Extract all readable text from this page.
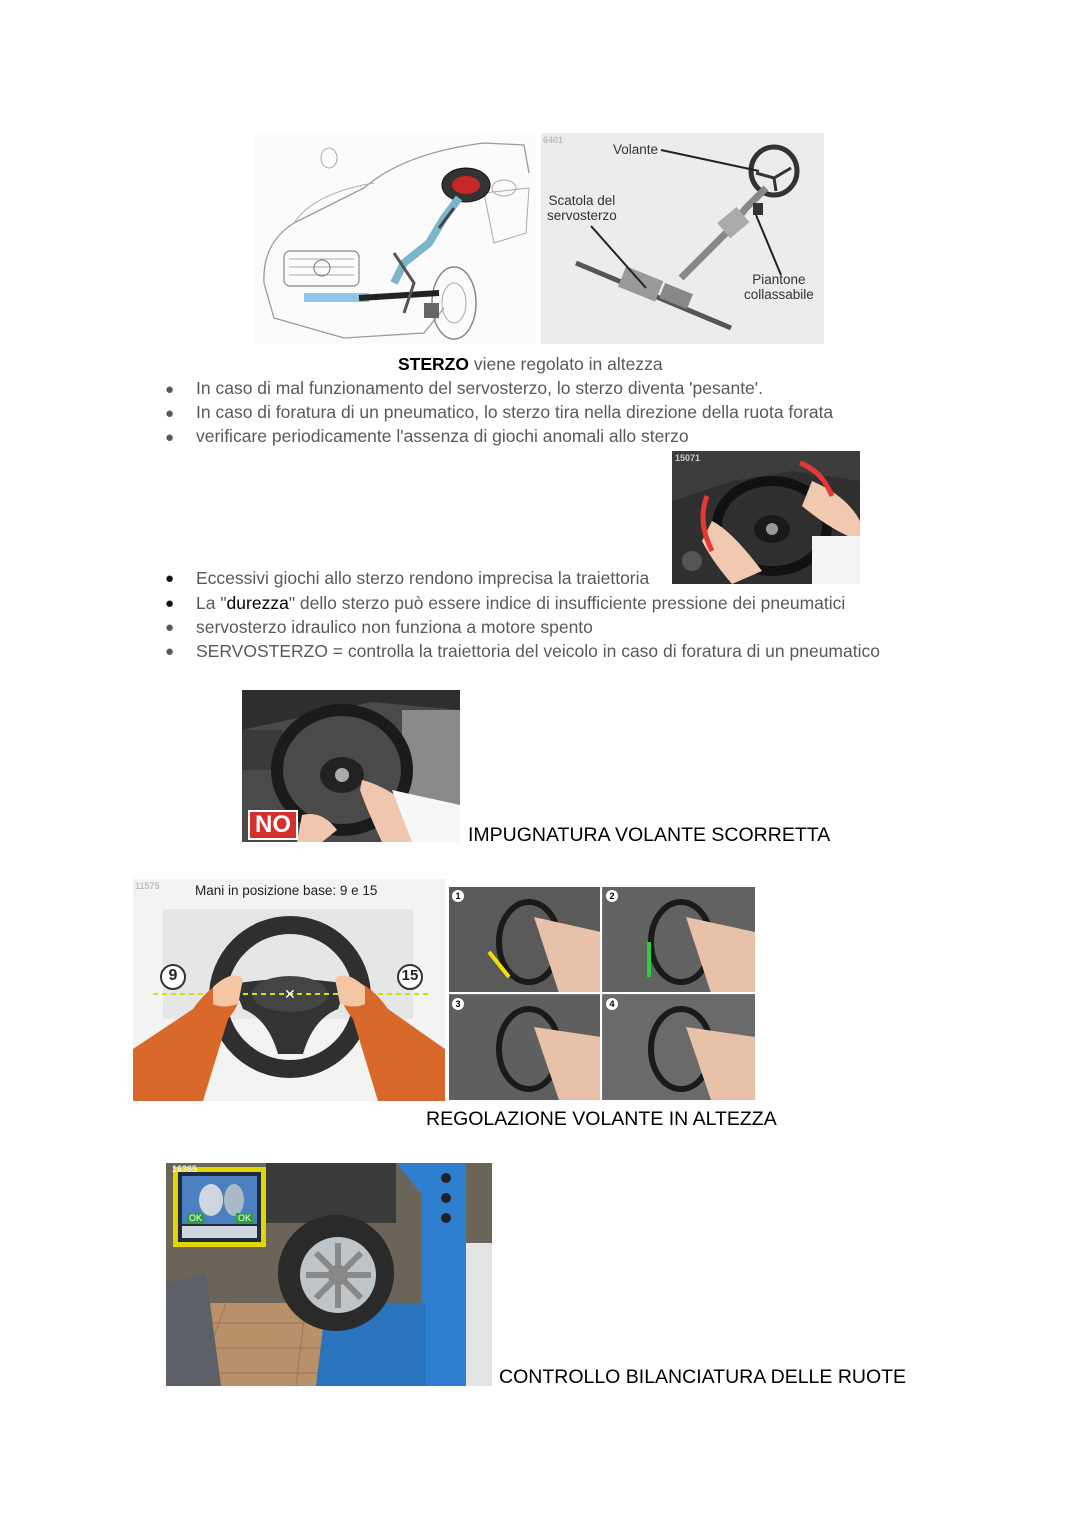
6401
Volante
Scatola del
servosterzo
Piantone
collassabile
STERZO viene regolato in altezza
● In caso di mal funzionamento del servosterzo, lo sterzo diventa 'pesante'.
● In caso di foratura di un pneumatico, lo sterzo tira nella direzione della ruota forata
● verificare periodicamente l'assenza di giochi anomali allo sterzo
15071
● Eccessivi giochi allo sterzo rendono imprecisa la traiettoria
● La "durezza" dello sterzo può essere indice di insufficiente pressione dei pneumatici
● servosterzo idraulico non funziona a motore spento
● SERVOSTERZO = controlla la traiettoria del veicolo in caso di foratura di un pneumatico
NO	IMPUGNATURA VOLANTE SCORRETTA
✕
11575	Mani in posizione base: 9 e 15
9	15
1	2
3	4
REGOLAZIONE VOLANTE IN ALTEZZA
16365
OK	OK
CONTROLLO BILANCIATURA DELLE RUOTE
